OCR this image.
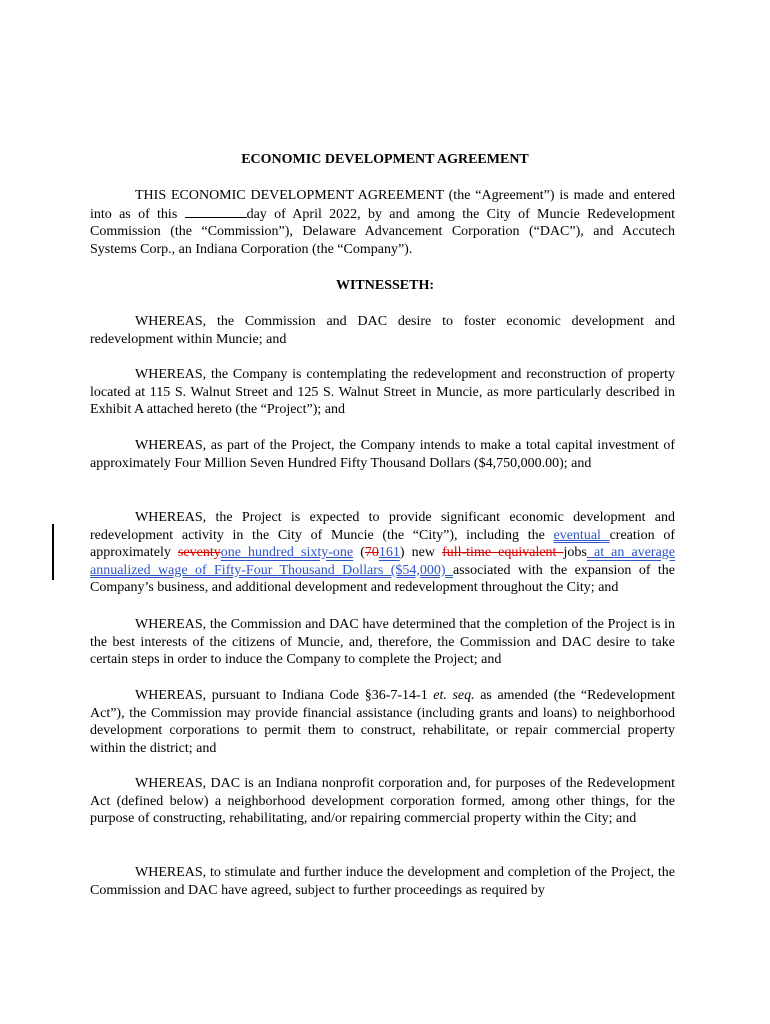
ECONOMIC DEVELOPMENT AGREEMENT

THIS ECONOMIC DEVELOPMENT AGREEMENT (the “Agreement”) is made and entered into as of this	day of April 2022, by and among the City of Muncie Redevelopment Commission (the “Commission”), Delaware Advancement Corporation (“DAC”), and Accutech Systems Corp., an Indiana Corporation (the “Company”).

WITNESSETH:

WHEREAS, the Commission and DAC desire to foster economic development and redevelopment within Muncie; and

WHEREAS, the Company is contemplating the redevelopment and reconstruction of property located at 115 S. Walnut Street and 125 S. Walnut Street in Muncie, as more particularly described in Exhibit A attached hereto (the “Project”); and

WHEREAS, as part of the Project, the Company intends to make a total capital investment of approximately Four Million Seven Hundred Fifty Thousand Dollars ($4,750,000.00); and

WHEREAS, the Project is expected to provide significant economic development and redevelopment activity in the City of Muncie (the “City”), including the eventual creation of approximately seventyone hundred sixty-one (70161) new full-time equivalent jobs at an average annualized wage of Fifty-Four Thousand Dollars ($54,000) associated with the expansion of the Company’s business, and additional development and redevelopment throughout the City; and

WHEREAS, the Commission and DAC have determined that the completion of the Project is in the best interests of the citizens of Muncie, and, therefore, the Commission and DAC desire to take certain steps in order to induce the Company to complete the Project; and

WHEREAS, pursuant to Indiana Code §36-7-14-1 et. seq. as amended (the “Redevelopment Act”), the Commission may provide financial assistance (including grants and loans) to neighborhood development corporations to permit them to construct, rehabilitate, or repair commercial property within the district; and

WHEREAS, DAC is an Indiana nonprofit corporation and, for purposes of the Redevelopment Act (defined below) a neighborhood development corporation formed, among other things, for the purpose of constructing, rehabilitating, and/or repairing commercial property within the City; and

WHEREAS, to stimulate and further induce the development and completion of the Project, the Commission and DAC have agreed, subject to further proceedings as required by
